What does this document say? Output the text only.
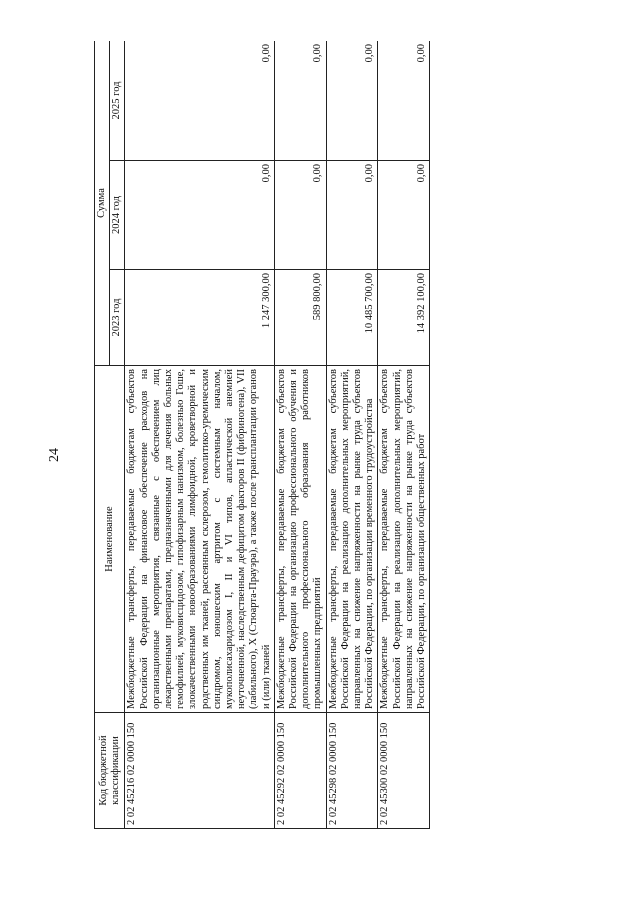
24
Код бюджетной классификации	Наименование	Сумма		
		2023 год	2024 год	2025 год
2 02 45216 02 0000 150	Межбюджетные трансферты, передаваемые бюджетам субъектов Российской Федерации на финансовое обеспечение расходов на организационные мероприятия, связанные с обеспечением лиц лекарственными препаратами, предназначенными для лечения больных гемофилией, муковисцидозом, гипофизарным нанизмом, болезнью Гоше, злокачественными новообразованиями лимфоидной, кроветворной и родственных им тканей, рассеянным склерозом, гемолитико-уремическим синдромом, юношеским артритом с системным началом, мукополисахаридозом I, II и VI типов, апластической анемией неуточненной, наследственным дефицитом факторов II (фибриногена), VII (лабильного), X (Стюарта-Прауэра), а также после трансплантации органов и (или) тканей	1 247 300,00	0,00	0,00
2 02 45292 02 0000 150	Межбюджетные трансферты, передаваемые бюджетам субъектов Российской Федерации на организацию профессионального обучения и дополнительного профессионального образования работников промышленных предприятий	589 800,00	0,00	0,00
2 02 45298 02 0000 150	Межбюджетные трансферты, передаваемые бюджетам субъектов Российской Федерации на реализацию дополнительных мероприятий, направленных на снижение напряженности на рынке труда субъектов Российской Федерации, по организации временного трудоустройства	10 485 700,00	0,00	0,00
2 02 45300 02 0000 150	Межбюджетные трансферты, передаваемые бюджетам субъектов Российской Федерации на реализацию дополнительных мероприятий, направленных на снижение напряженности на рынке труда субъектов Российской Федерации, по организации общественных работ	14 392 100,00	0,00	0,00
